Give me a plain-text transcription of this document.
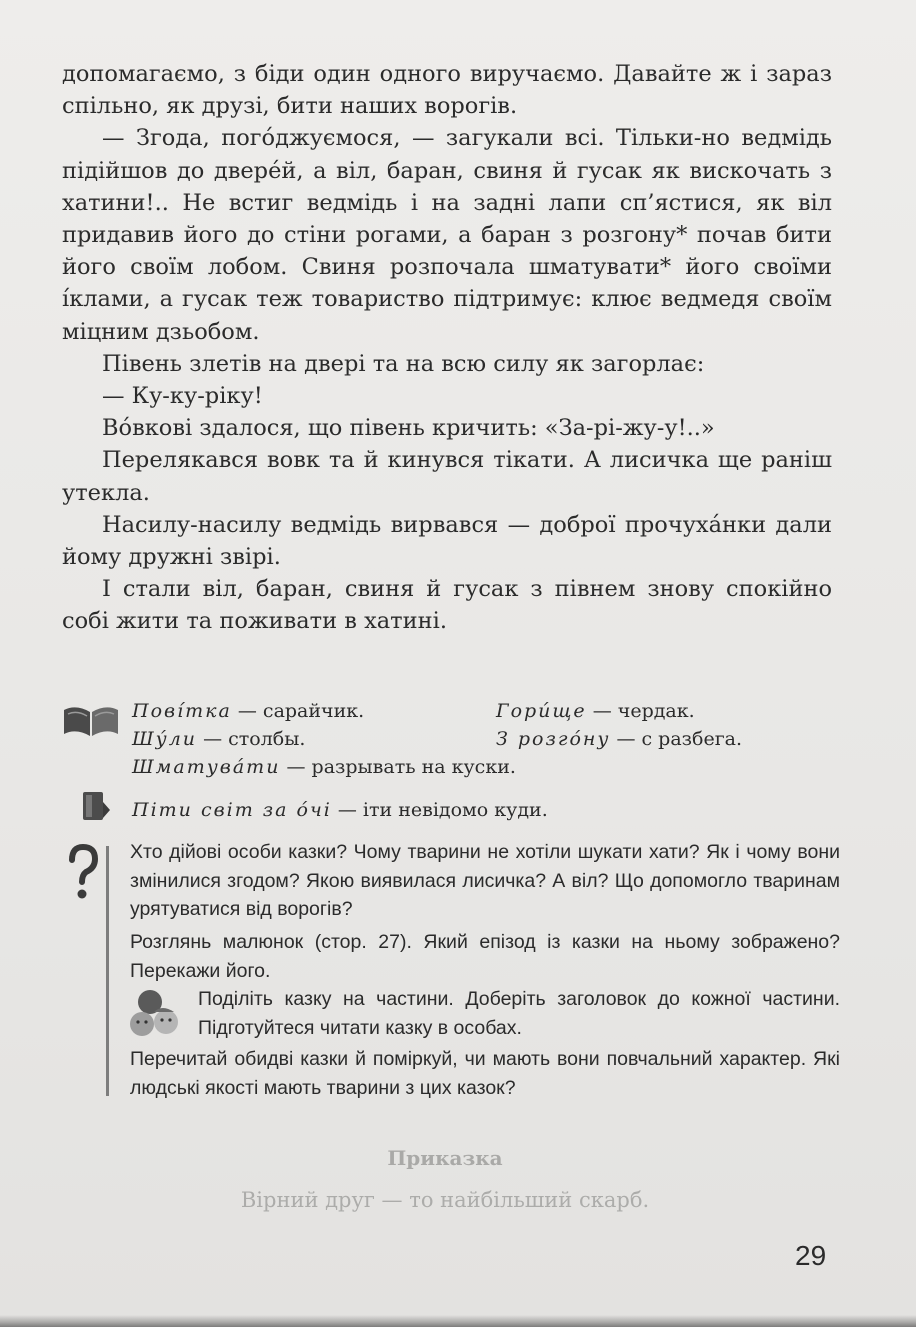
допомагаємо, з біди один одного виручаємо. Давайте ж і зараз спільно, як друзі, бити наших ворогів.

— Згода, пого́джуємося, — загукали всі. Тільки-но ведмідь підійшов до двере́й, а віл, баран, свиня й гусак як вискочать з хатини!.. Не встиг ведмідь і на задні лапи сп’ястися, як віл придавив його до стіни рогами, а баран з розгону* почав бити його своїм лобом. Свиня розпочала шматувати* його своїми і́клами, а гусак теж товариство підтримує: клює ведмедя своїм міцним дзьобом.

Півень злетів на двері та на всю силу як загорлає:

— Ку-ку-ріку!

Во́вкові здалося, що півень кричить: «За-рі-жу-у!..»

Перелякався вовк та й кинувся тікати. А лисичка ще раніш утекла.

Насилу-насилу ведмідь вирвався — доброї прочуха́нки дали йому дружні звірі.

І стали віл, баран, свиня й гусак з півнем знову спокійно собі жити та поживати в хатині.

Пові́тка — сарайчик.	Гори́ще — чердак.
Шу́ли — столбы.	З розго́ну — с разбега.
Шматува́ти — разрывать на куски.
Піти світ за о́чі — іти невідомо куди.
Хто дійові особи казки? Чому тварини не хотіли шукати хати? Як і чому вони змінилися згодом? Якою виявилася лисичка? А віл? Що допомогло тваринам урятуватися від ворогів?
Розглянь малюнок (стор. 27). Який епізод із казки на ньому зображено? Перекажи його.
Поділіть казку на частини. Доберіть заголовок до кожної частини. Підготуйтеся читати казку в особах.
Перечитай обидві казки й поміркуй, чи мають вони повчальний характер. Які людські якості мають тварини з цих казок?
Приказка
Вірний друг — то найбільший скарб.
29
